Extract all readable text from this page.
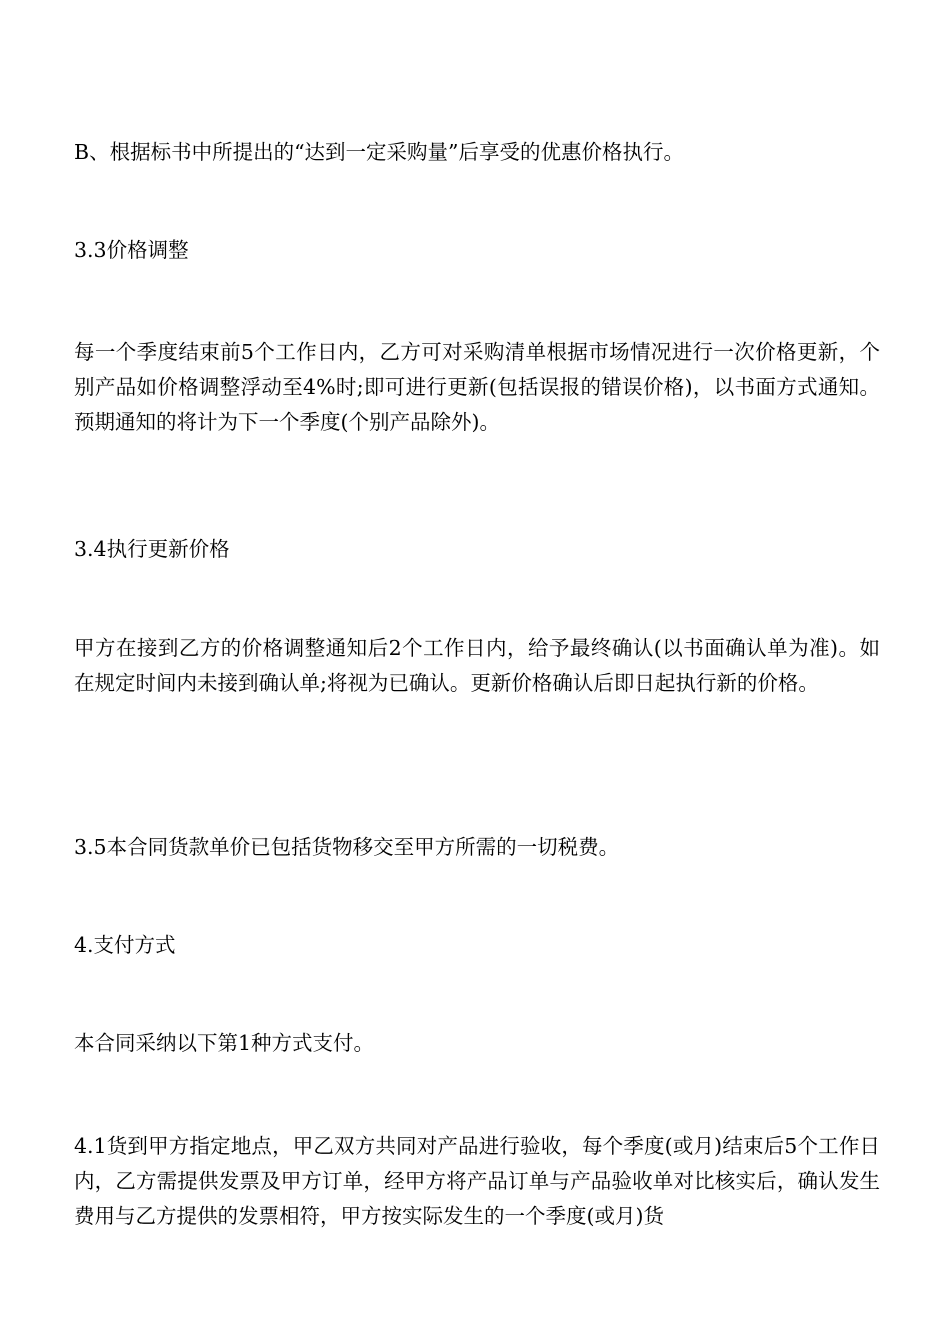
B、根据标书中所提出的“达到一定采购量”后享受的优惠价格执行。

3.3价格调整

每一个季度结束前5个工作日内，乙方可对采购清单根据市场情况进行一次价格更新，个别产品如价格调整浮动至4%时;即可进行更新(包括误报的错误价格)，以书面方式通知。预期通知的将计为下一个季度(个别产品除外)。

3.4执行更新价格

甲方在接到乙方的价格调整通知后2个工作日内，给予最终确认(以书面确认单为准)。如在规定时间内未接到确认单;将视为已确认。更新价格确认后即日起执行新的价格。

3.5本合同货款单价已包括货物移交至甲方所需的一切税费。

4.支付方式

本合同采纳以下第1种方式支付。

4.1货到甲方指定地点，甲乙双方共同对产品进行验收，每个季度(或月)结束后5个工作日内，乙方需提供发票及甲方订单，经甲方将产品订单与产品验收单对比核实后，确认发生费用与乙方提供的发票相符，甲方按实际发生的一个季度(或月)货
